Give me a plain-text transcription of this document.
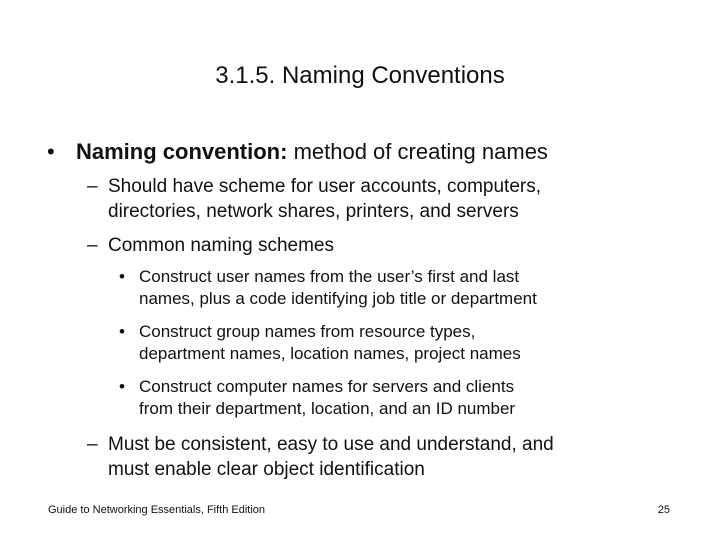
3.1.5. Naming Conventions
• Naming convention: method of creating names
– Should have scheme for user accounts, computers,
directories, network shares, printers, and servers
– Common naming schemes
• Construct user names from the user’s first and last
names, plus a code identifying job title or department
• Construct group names from resource types,
department names, location names, project names
• Construct computer names for servers and clients
from their department, location, and an ID number
– Must be consistent, easy to use and understand, and
must enable clear object identification
Guide to Networking Essentials, Fifth Edition	25
